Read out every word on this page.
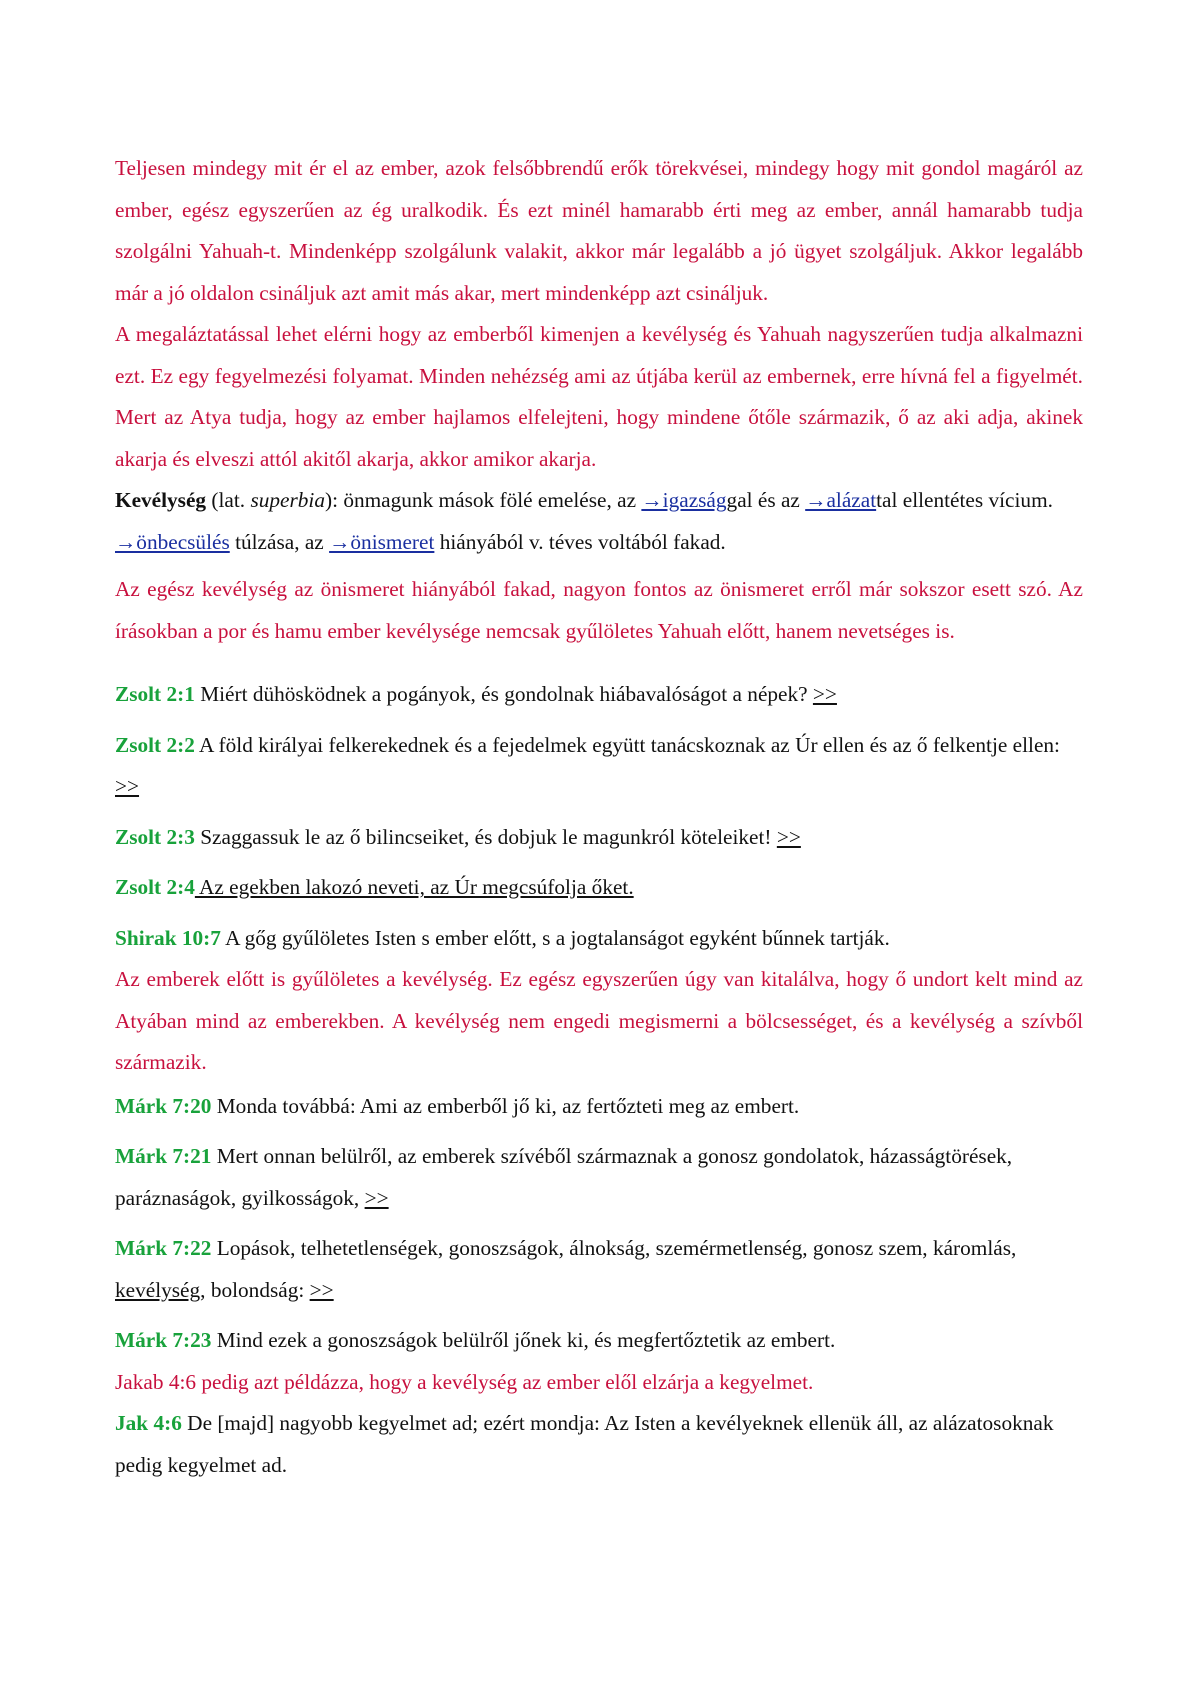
Teljesen mindegy mit ér el az ember, azok felsőbbrendű erők törekvései, mindegy hogy mit gondol magáról az ember, egész egyszerűen az ég uralkodik. És ezt minél hamarabb érti meg az ember, annál hamarabb tudja szolgálni Yahuah-t. Mindenképp szolgálunk valakit, akkor már legalább a jó ügyet szolgáljuk. Akkor legalább már a jó oldalon csináljuk azt amit más akar, mert mindenképp azt csináljuk.

A megaláztatással lehet elérni hogy az emberből kimenjen a kevélység és Yahuah nagyszerűen tudja alkalmazni ezt. Ez egy fegyelmezési folyamat. Minden nehézség ami az útjába kerül az embernek, erre hívná fel a figyelmét. Mert az Atya tudja, hogy az ember hajlamos elfelejteni, hogy mindene őtőle származik, ő az aki adja, akinek akarja és elveszi attól akitől akarja, akkor amikor akarja.

Kevélység (lat. superbia): önmagunk mások fölé emelése, az →igazsággal és az →alázattal ellentétes vícium. →önbecsülés túlzása, az →önismeret hiányából v. téves voltából fakad.

Az egész kevélység az önismeret hiányából fakad, nagyon fontos az önismeret erről már sokszor esett szó. Az írásokban a por és hamu ember kevélysége nemcsak gyűlöletes Yahuah előtt, hanem nevetséges is.

Zsolt 2:1 Miért dühösködnek a pogányok, és gondolnak hiábavalóságot a népek? >>

Zsolt 2:2 A föld királyai felkerekednek és a fejedelmek együtt tanácskoznak az Úr ellen és az ő felkentje ellen: >>

Zsolt 2:3 Szaggassuk le az ő bilincseiket, és dobjuk le magunkról köteleiket! >>

Zsolt 2:4 Az egekben lakozó neveti, az Úr megcsúfolja őket.

Shirak 10:7 A gőg gyűlöletes Isten s ember előtt, s a jogtalanságot egyként bűnnek tartják.

Az emberek előtt is gyűlöletes a kevélység. Ez egész egyszerűen úgy van kitalálva, hogy ő undort kelt mind az Atyában mind az emberekben. A kevélység nem engedi megismerni a bölcsességet, és a kevélység a szívből származik.

Márk 7:20 Monda továbbá: Ami az emberből jő ki, az fertőzteti meg az embert.

Márk 7:21 Mert onnan belülről, az emberek szívéből származnak a gonosz gondolatok, házasságtörések, paráznaságok, gyilkosságok, >>

Márk 7:22 Lopások, telhetetlenségek, gonoszságok, álnokság, szemérmetlenség, gonosz szem, káromlás, kevélység, bolondság: >>

Márk 7:23 Mind ezek a gonoszságok belülről jőnek ki, és megfertőztetik az embert.

Jakab 4:6 pedig azt példázza, hogy a kevélység az ember elől elzárja a kegyelmet.

Jak 4:6 De [majd] nagyobb kegyelmet ad; ezért mondja: Az Isten a kevélyeknek ellenük áll, az alázatosoknak pedig kegyelmet ad.
